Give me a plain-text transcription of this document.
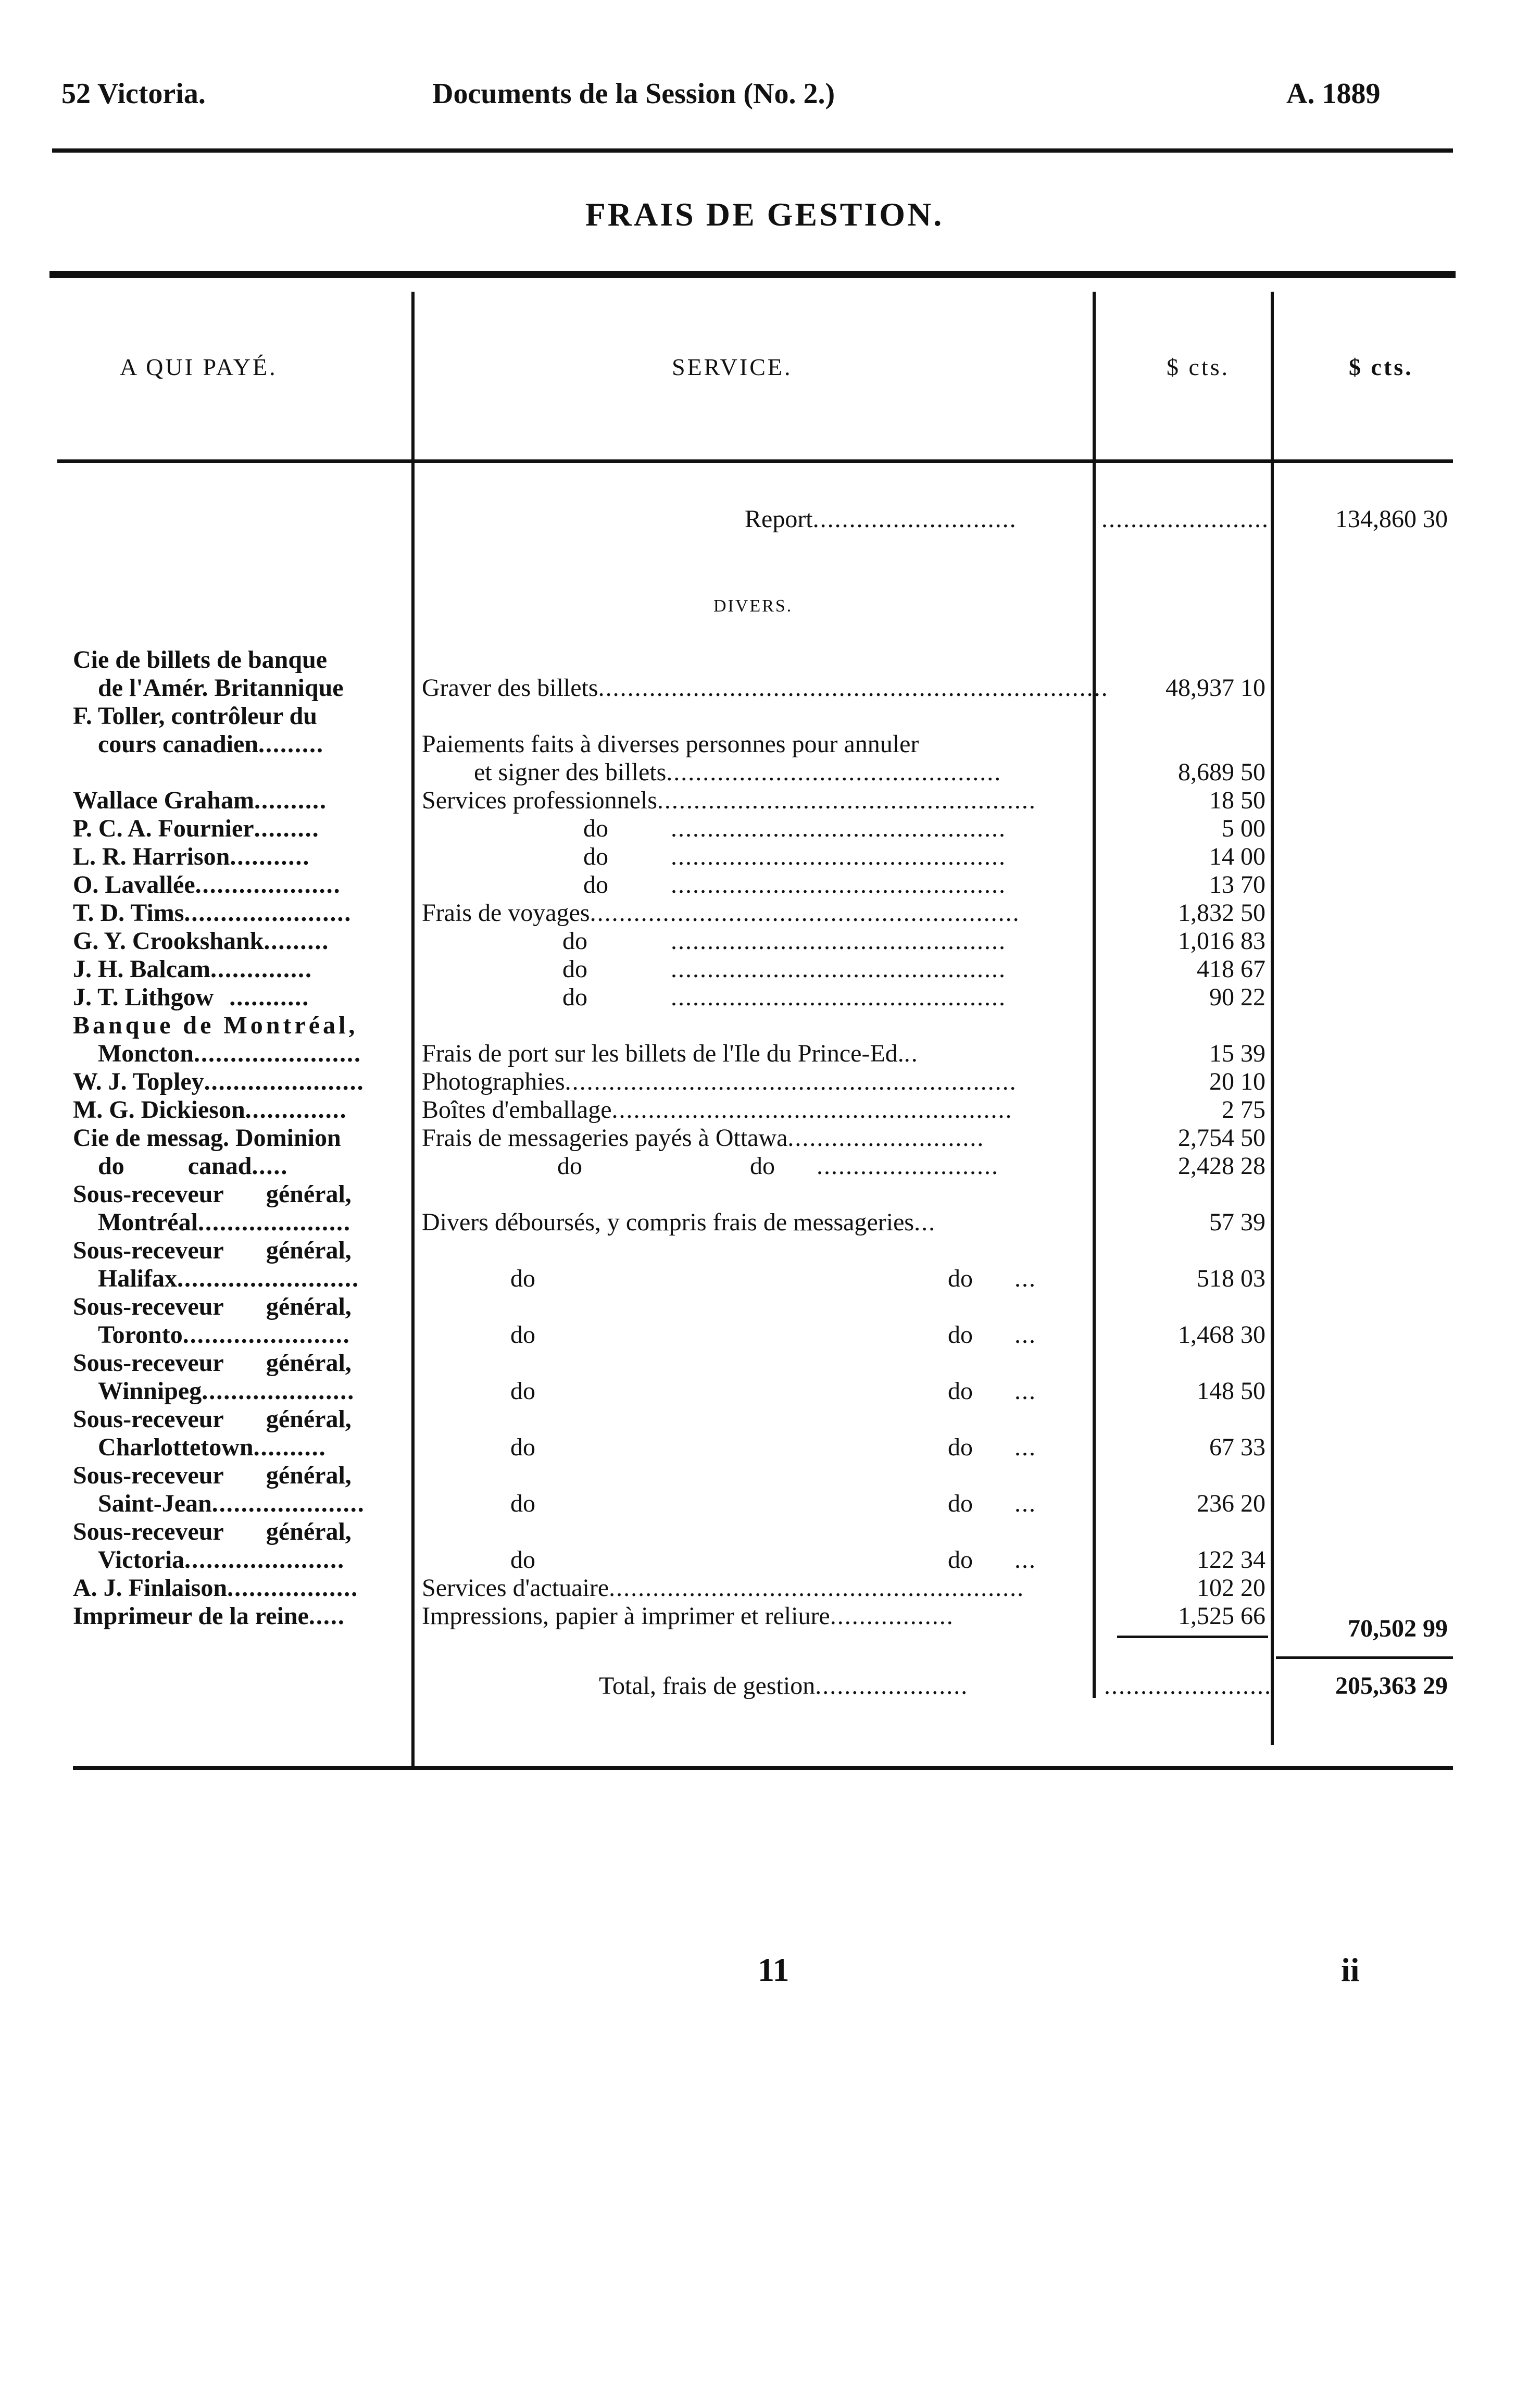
52 Victoria.	Documents de la Session (No. 2.)	A. 1889
FRAIS DE GESTION.
A QUI PAYÉ.	SERVICE.	$ cts.	$ cts.
Report............................	.......................	134,860 30
DIVERS.
Cie de billets de banque
de l'Amér. Britannique	Graver des billets......................................................................	48,937 10
F. Toller, contrôleur du
cours canadien.........	Paiements faits à diverses personnes pour annuler
et signer des billets..............................................	8,689 50
Wallace Graham..........	Services professionnels....................................................	18 50
P. C. A. Fournier.........	do	..............................................	5 00
L. R. Harrison...........	do	..............................................	14 00
O. Lavallée....................	do	..............................................	13 70
T. D. Tims.......................	Frais de voyages...........................................................	1,832 50
G. Y. Crookshank.........	do	..............................................	1,016 83
J. H. Balcam..............	do	..............................................	418 67
J. T. Lithgow ...........	do	..............................................	90 22
Banque de Montréal,
Moncton.......................	Frais de port sur les billets de l'Ile du Prince-Ed...	15 39
W. J. Topley......................	Photographies..............................................................	20 10
M. G. Dickieson..............	Boîtes d'emballage.......................................................	2 75
Cie de messag. Dominion	Frais de messageries payés à Ottawa...........................	2,754 50
do canad.....	do do .........................	2,428 28
Sous-receveur général,
Montréal.....................	Divers déboursés, y compris frais de messageries...	57 39
Sous-receveur général,
Halifax.........................	do do ...	518 03
Sous-receveur général,
Toronto.......................	do do ...	1,468 30
Sous-receveur général,
Winnipeg.....................	do do ...	148 50
Sous-receveur général,
Charlottetown..........	do do ...	67 33
Sous-receveur général,
Saint-Jean.....................	do do ...	236 20
Sous-receveur général,
Victoria......................	do do ...	122 34
A. J. Finlaison..................	Services d'actuaire.........................................................	102 20
Imprimeur de la reine.....	Impressions, papier à imprimer et reliure.................	1,525 66	70,502 99
Total, frais de gestion.....................	.......................	205,363 29
11	ii
